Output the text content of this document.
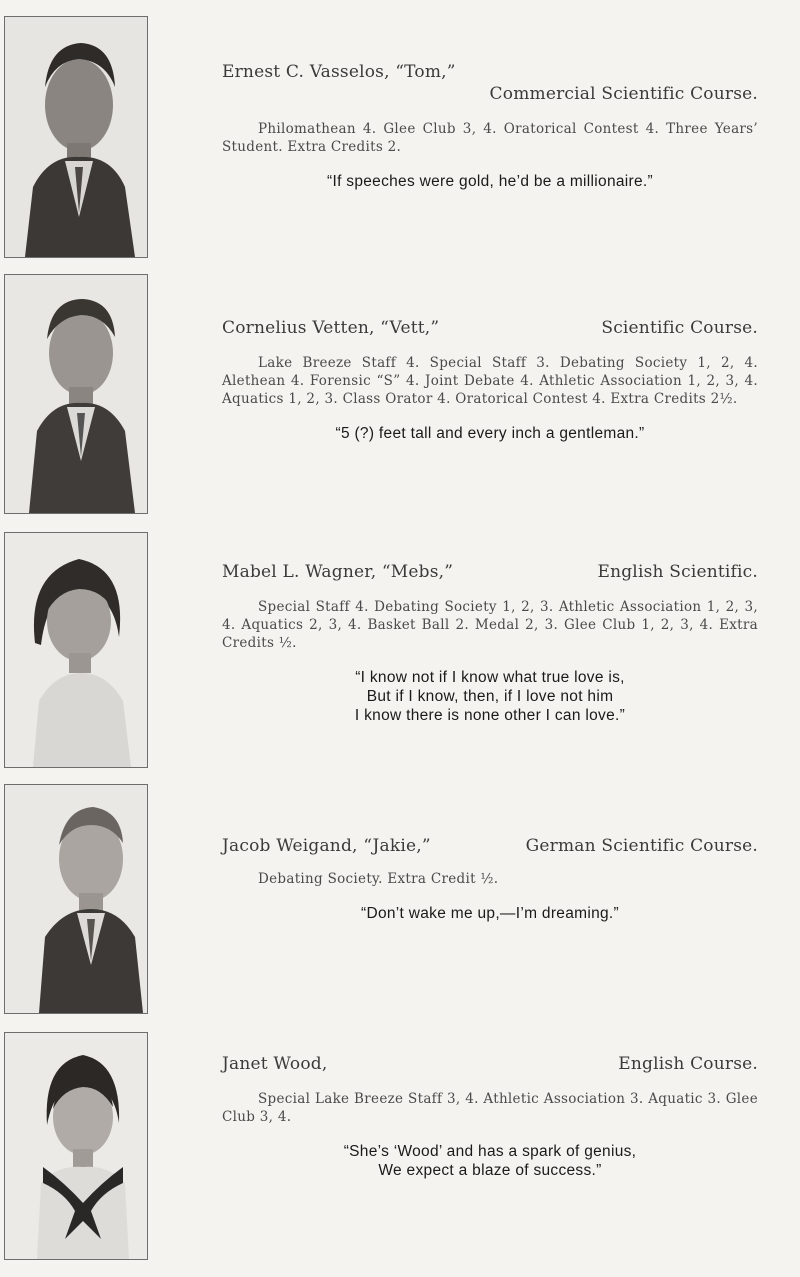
Ernest C. Vasselos, “Tom,”
Commercial Scientific Course.
Philomathean 4. Glee Club 3, 4. Oratorical Contest 4. Three Years’ Student. Extra Credits 2.
“If speeches were gold, he’d be a millionaire.”
Cornelius Vetten, “Vett,”	Scientific Course.
Lake Breeze Staff 4. Special Staff 3. Debating Society 1, 2, 4. Alethean 4. Forensic “S” 4. Joint Debate 4. Athletic Association 1, 2, 3, 4. Aquatics 1, 2, 3. Class Orator 4. Oratorical Contest 4. Extra Credits 2½.
“5 (?) feet tall and every inch a gentleman.”
Mabel L. Wagner, “Mebs,”	English Scientific.
Special Staff 4. Debating Society 1, 2, 3. Athletic Association 1, 2, 3, 4. Aquatics 2, 3, 4. Basket Ball 2. Medal 2, 3. Glee Club 1, 2, 3, 4. Extra Credits ½.
“I know not if I know what true love is,
But if I know, then, if I love not him
I know there is none other I can love.”
Jacob Weigand, “Jakie,”	German Scientific Course.
Debating Society. Extra Credit ½.
“Don’t wake me up,—I’m dreaming.”
Janet Wood,	English Course.
Special Lake Breeze Staff 3, 4. Athletic Association 3. Aquatic 3. Glee Club 3, 4.
“She’s ‘Wood’ and has a spark of genius,
We expect a blaze of success.”
